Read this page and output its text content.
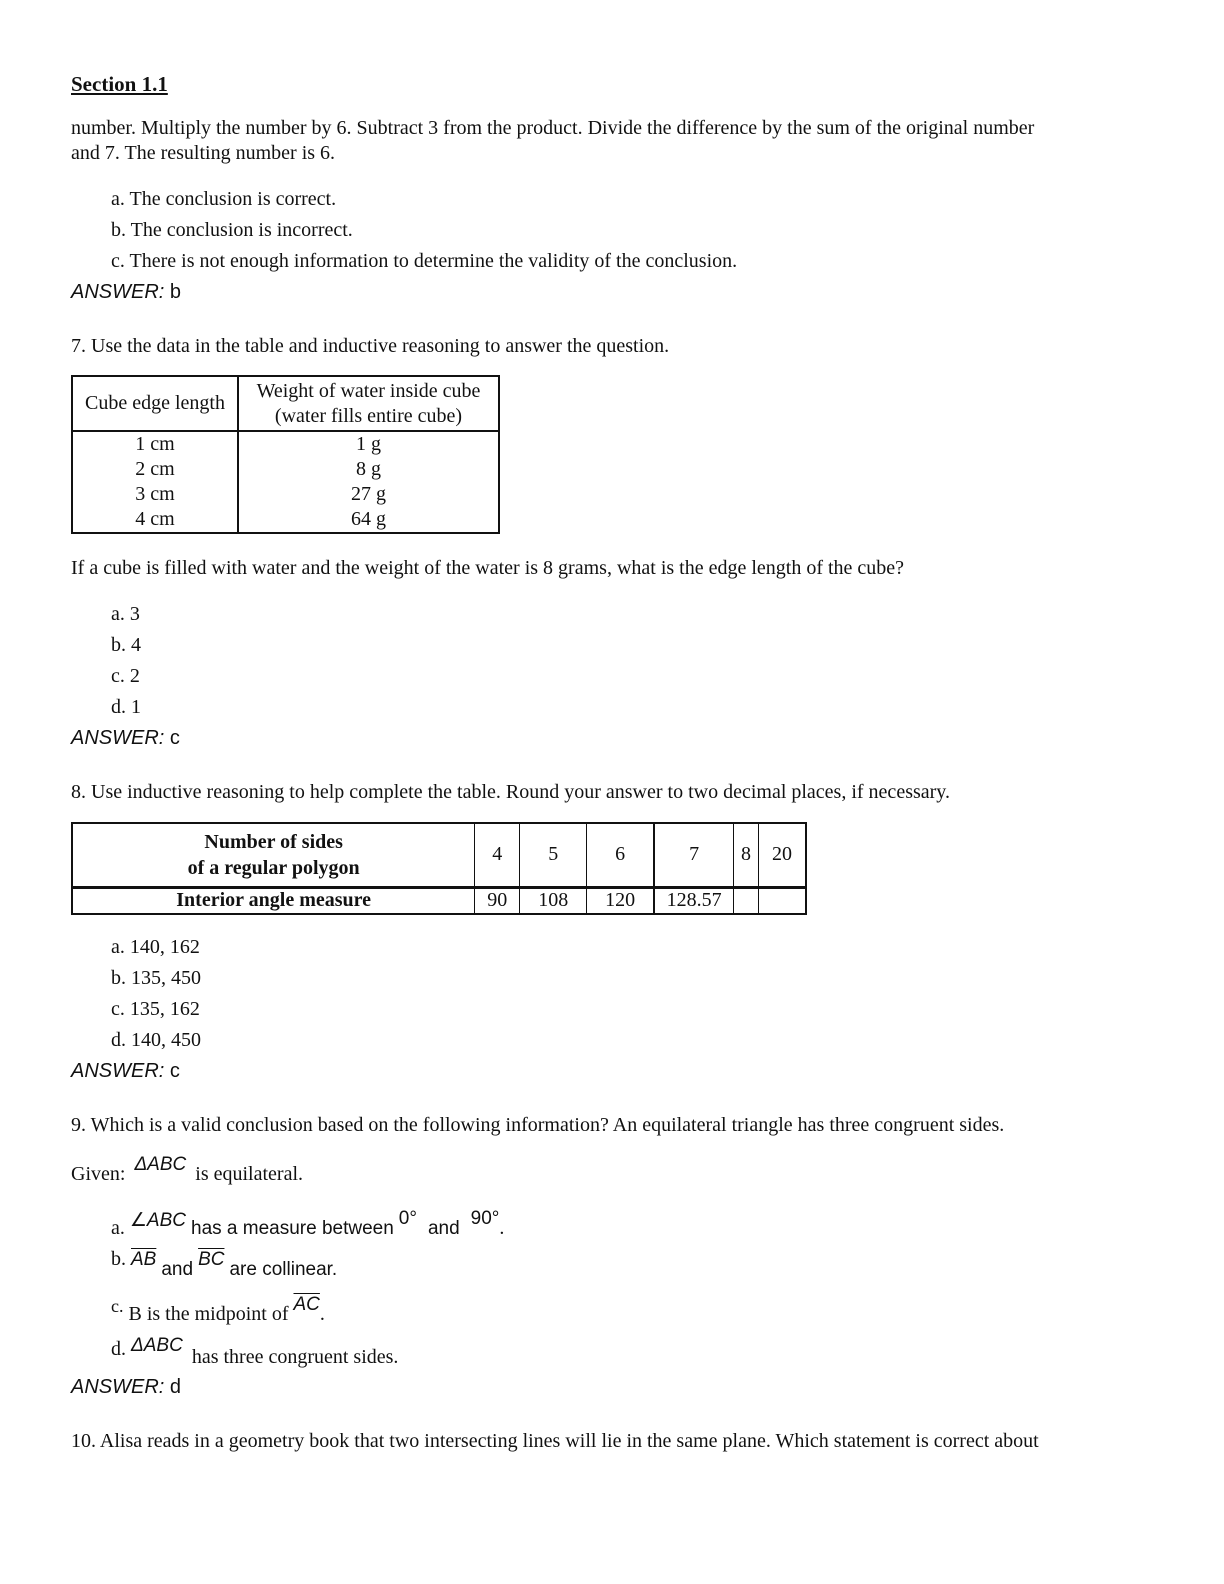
Section 1.1
number. Multiply the number by 6. Subtract 3 from the product. Divide the difference by the sum of the original number
and 7. The resulting number is 6.
a. The conclusion is correct.
b. The conclusion is incorrect.
c. There is not enough information to determine the validity of the conclusion.
ANSWER: b
7. Use the data in the table and inductive reasoning to answer the question.
Cube edge length	Weight of water inside cube
(water fills entire cube)

1 cm	1 g
2 cm	8 g
3 cm	27 g
4 cm	64 g
If a cube is filled with water and the weight of the water is 8 grams, what is the edge length of the cube?
a. 3
b. 4
c. 2
d. 1
ANSWER: c
8. Use inductive reasoning to help complete the table. Round your answer to two decimal places, if necessary.
Number of sides
of a regular polygon	4	5	6	7	8	20
Interior angle measure	90	108	120	128.57		
a. 140, 162
b. 135, 450
c. 135, 162
d. 140, 450
ANSWER: c
9. Which is a valid conclusion based on the following information? An equilateral triangle has three congruent sides.
Given: ΔABC is equilateral.
a. ∠ABC has a measure between 0° and 90°.
b. $\overline{AB}$ and $\overline{BC}$ are collinear.
c. B is the midpoint of $\overline{AC}$.
d. ΔABC has three congruent sides.
ANSWER: d
10. Alisa reads in a geometry book that two intersecting lines will lie in the same plane. Which statement is correct about
